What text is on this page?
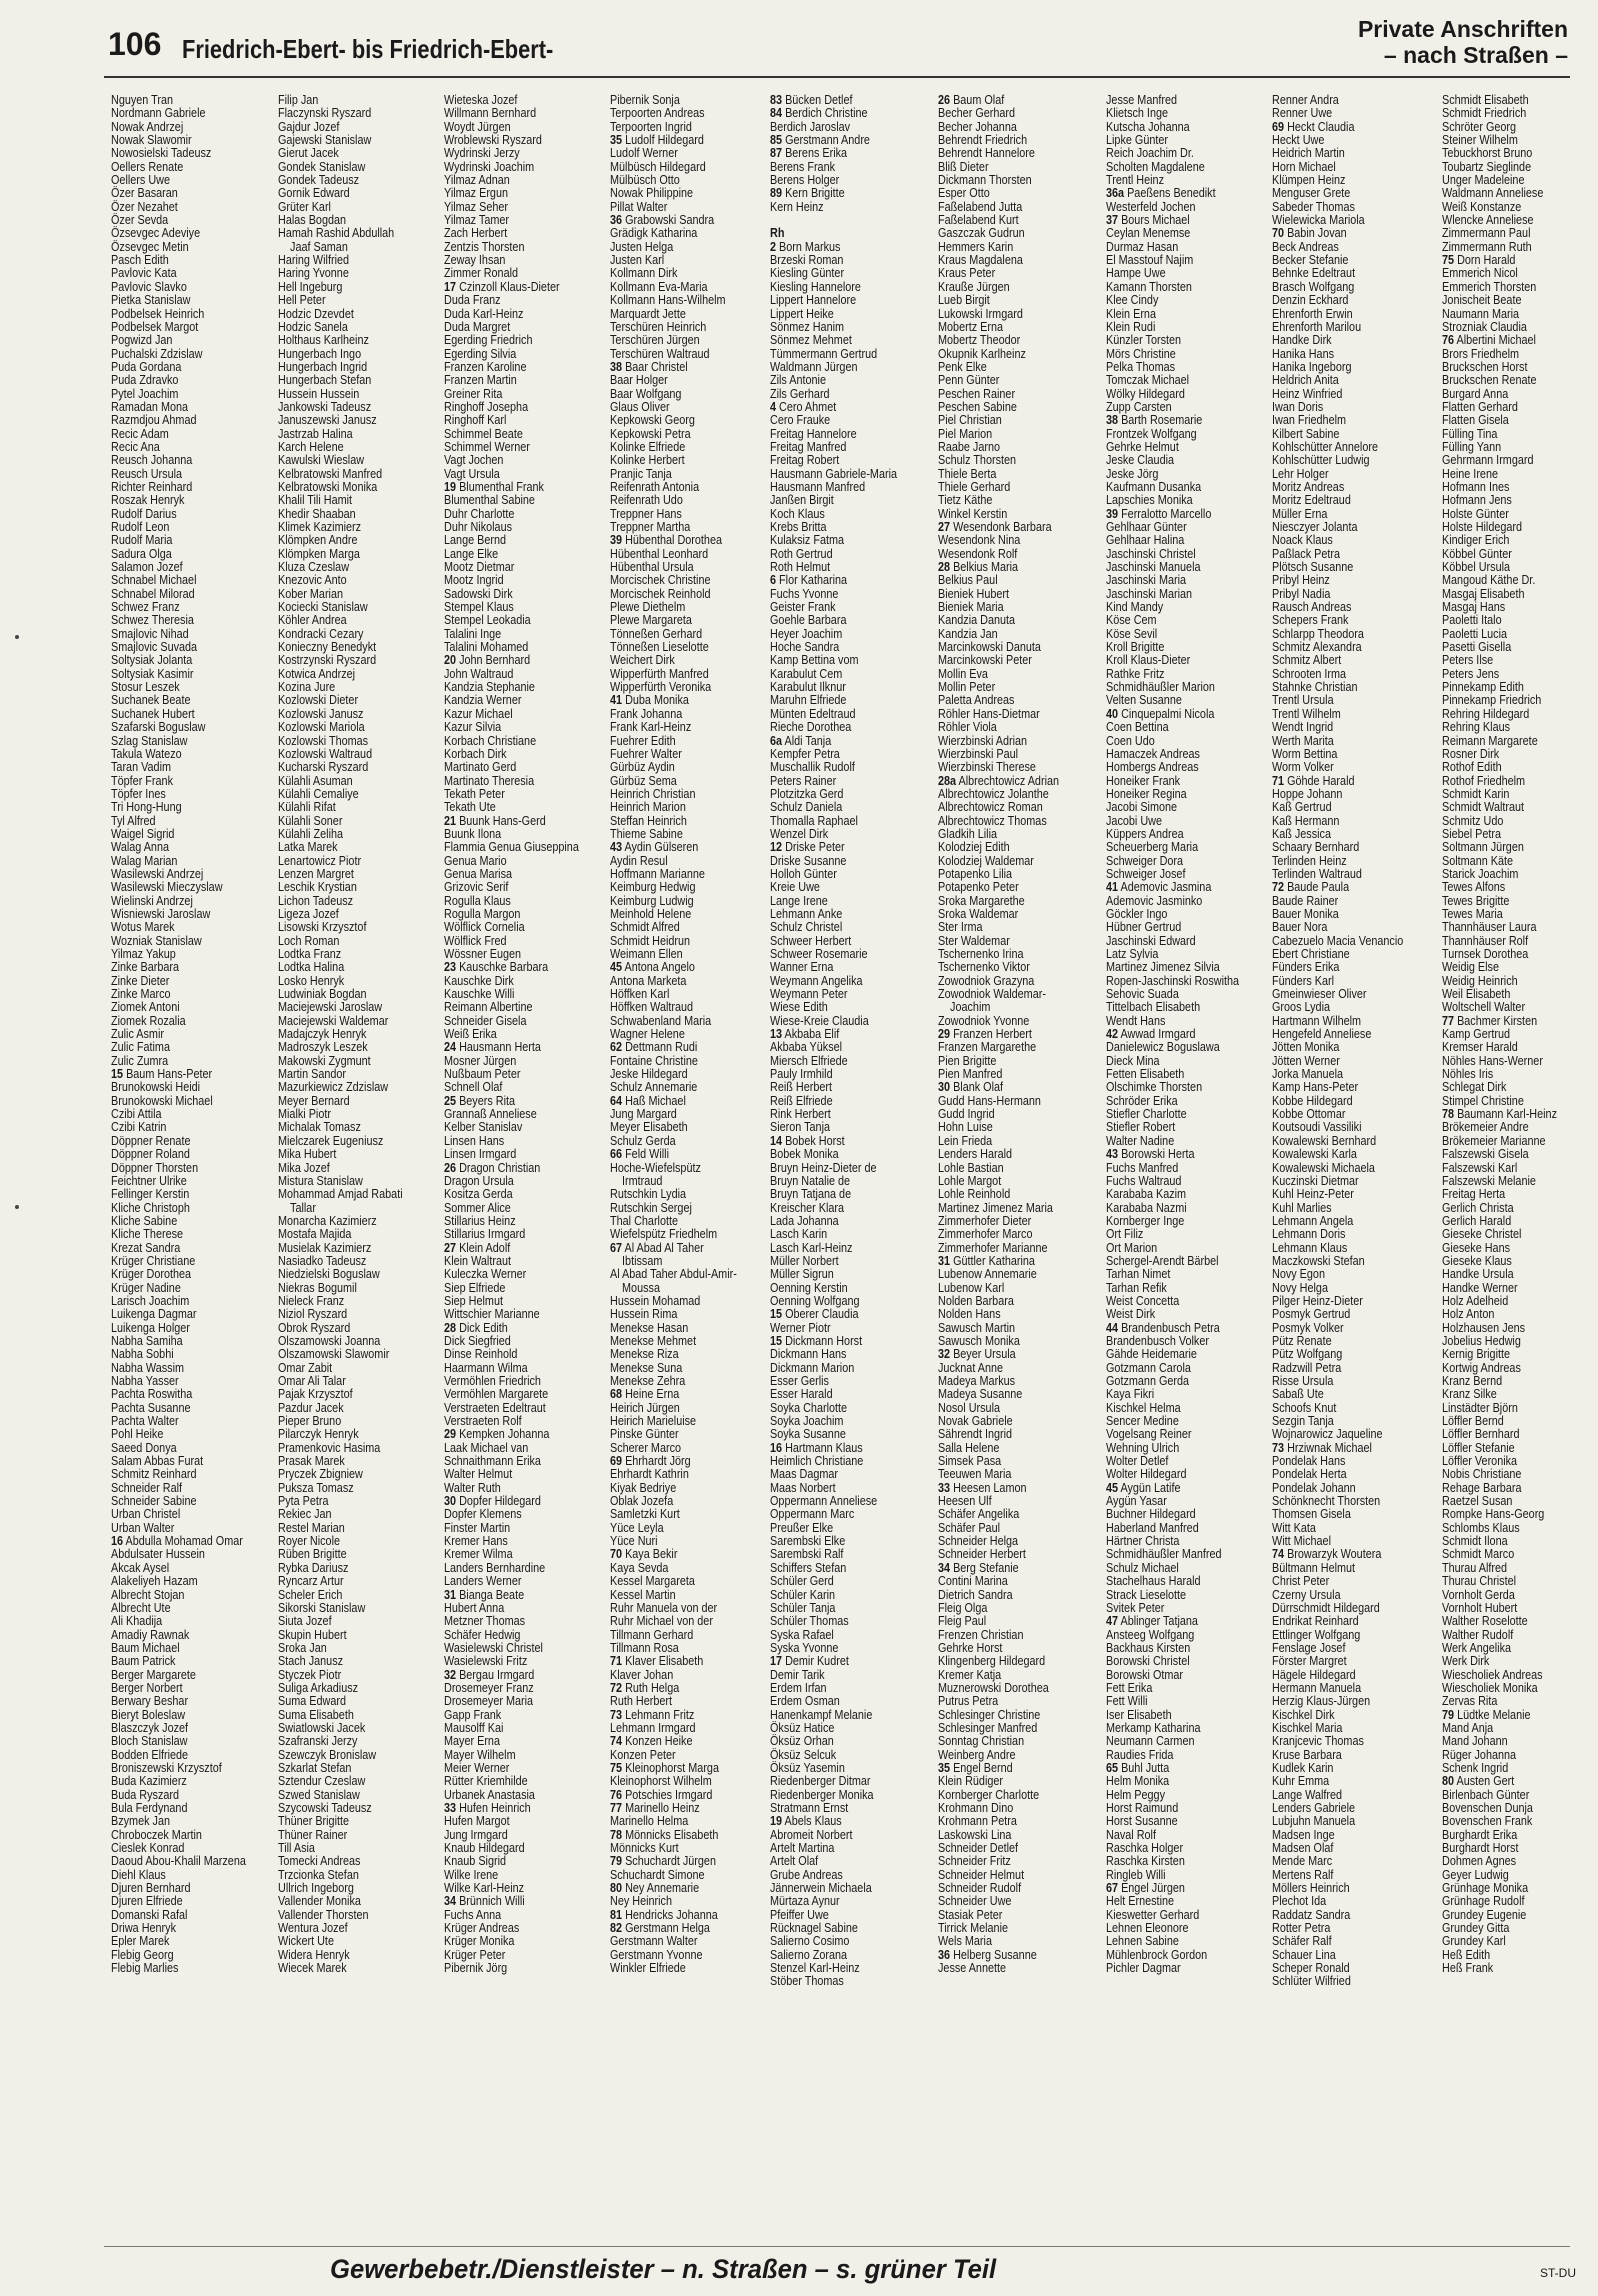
106 Friedrich-Ebert- bis Friedrich-Ebert-
Private Anschriften
– nach Straßen –
Nguyen Tran
Nordmann Gabriele
Nowak Andrzej
Nowak Slawomir
Nowosielski Tadeusz
Oellers Renate
Oellers Uwe
Özer Basaran
Özer Nezahet
Özer Sevda
Özsevgec Adeviye
Özsevgec Metin
Pasch Edith
Pavlovic Kata
Pavlovic Slavko
Pietka Stanislaw
Podbelsek Heinrich
Podbelsek Margot
Pogwizd Jan
Puchalski Zdzislaw
Puda Gordana
Puda Zdravko
Pytel Joachim
Ramadan Mona
Razmdjou Ahmad
Recic Adam
Recic Ana
Reusch Johanna
Reusch Ursula
Richter Reinhard
Roszak Henryk
Rudolf Darius
Rudolf Leon
Rudolf Maria
Sadura Olga
Salamon Jozef
Schnabel Michael
Schnabel Milorad
Schwez Franz
Schwez Theresia
Smajlovic Nihad
Smajlovic Suvada
Soltysiak Jolanta
Soltysiak Kasimir
Stosur Leszek
Suchanek Beate
Suchanek Hubert
Szafarski Boguslaw
Szlag Stanislaw
Takula Watezo
Taran Vadim
Töpfer Frank
Töpfer Ines
Tri Hong-Hung
Tyl Alfred
Waigel Sigrid
Walag Anna
Walag Marian
Wasilewski Andrzej
Wasilewski Mieczyslaw
Wielinski Andrzej
Wisniewski Jaroslaw
Wotus Marek
Wozniak Stanislaw
Yilmaz Yakup
Zinke Barbara
Zinke Dieter
Zinke Marco
Ziomek Antoni
Ziomek Rozalia
Zulic Asmir
Zulic Fatima
Zulic Zumra
15 Baum Hans-Peter
Brunokowski Heidi
Brunokowski Michael
Czibi Attila
Czibi Katrin
Döppner Renate
Döppner Roland
Döppner Thorsten
Feichtner Ulrike
Fellinger Kerstin
Kliche Christoph
Kliche Sabine
Kliche Therese
Krezat Sandra
Krüger Christiane
Krüger Dorothea
Krüger Nadine
Larisch Joachim
Luikenga Dagmar
Luikenga Holger
Nabha Samiha
Nabha Sobhi
Nabha Wassim
Nabha Yasser
Pachta Roswitha
Pachta Susanne
Pachta Walter
Pohl Heike
Saeed Donya
Salam Abbas Furat
Schmitz Reinhard
Schneider Ralf
Schneider Sabine
Urban Christel
Urban Walter
16 Abdulla Mohamad Omar
Abdulsater Hussein
Akcak Aysel
Alakeliyeh Hazam
Albrecht Stojan
Albrecht Ute
Ali Khadija
Amadiy Rawnak
Baum Michael
Baum Patrick
Berger Margarete
Berger Norbert
Berwary Beshar
Bieryt Boleslaw
Blaszczyk Jozef
Bloch Stanislaw
Bodden Elfriede
Broniszewski Krzysztof
Buda Kazimierz
Buda Ryszard
Bula Ferdynand
Bzymek Jan
Chroboczek Martin
Cieslek Konrad
Daoud Abou-Khalil Marzena
Diehl Klaus
Djuren Bernhard
Djuren Elfriede
Domanski Rafal
Driwa Henryk
Epler Marek
Flebig Georg
Flebig Marlies
Filip Jan
Flaczynski Ryszard
Gajdur Jozef
Gajewski Stanislaw
Gierut Jacek
Gondek Stanislaw
Gondek Tadeusz
Gornik Edward
Grüter Karl
Halas Bogdan
Hamah Rashid Abdullah
Jaaf Saman
Haring Wilfried
Haring Yvonne
Hell Ingeburg
Hell Peter
Hodzic Dzevdet
Hodzic Sanela
Holthaus Karlheinz
Hungerbach Ingo
Hungerbach Ingrid
Hungerbach Stefan
Hussein Hussein
Jankowski Tadeusz
Januszewski Janusz
Jastrzab Halina
Karch Helene
Kawulski Wieslaw
Kelbratowski Manfred
Kelbratowski Monika
Khalil Tili Hamit
Khedir Shaaban
Klimek Kazimierz
Klömpken Andre
Klömpken Marga
Kluza Czeslaw
Knezovic Anto
Kober Marian
Kociecki Stanislaw
Köhler Andrea
Kondracki Cezary
Konieczny Benedykt
Kostrzynski Ryszard
Kotwica Andrzej
Kozina Jure
Kozlowski Dieter
Kozlowski Janusz
Kozlowski Mariola
Kozlowski Thomas
Kozlowski Waltraud
Kucharski Ryszard
Külahli Asuman
Külahli Cemaliye
Külahli Rifat
Külahli Soner
Külahli Zeliha
Latka Marek
Lenartowicz Piotr
Lenzen Margret
Leschik Krystian
Lichon Tadeusz
Ligeza Jozef
Lisowski Krzysztof
Loch Roman
Lodtka Franz
Lodtka Halina
Losko Henryk
Ludwiniak Bogdan
Maciejewski Jaroslaw
Maciejewski Waldemar
Madajczyk Henryk
Madroszyk Leszek
Makowski Zygmunt
Martin Sandor
Mazurkiewicz Zdzislaw
Meyer Bernard
Mialki Piotr
Michalak Tomasz
Mielczarek Eugeniusz
Mika Hubert
Mika Jozef
Mistura Stanislaw
Mohammad Amjad Rabati
Tallar
Monarcha Kazimierz
Mostafa Majida
Musielak Kazimierz
Nasiadko Tadeusz
Niedzielski Boguslaw
Niekras Bogumil
Nieleck Franz
Niziol Ryszard
Obrok Ryszard
Olszamowski Joanna
Olszamowski Slawomir
Omar Zabit
Omar Ali Talar
Pajak Krzysztof
Pazdur Jacek
Pieper Bruno
Pilarczyk Henryk
Pramenkovic Hasima
Prasak Marek
Pryczek Zbigniew
Puksza Tomasz
Pyta Petra
Rekiec Jan
Restel Marian
Royer Nicole
Rüben Brigitte
Rybka Dariusz
Ryncarz Artur
Scheler Erich
Sikorski Stanislaw
Siuta Jozef
Skupin Hubert
Sroka Jan
Stach Janusz
Styczek Piotr
Suliga Arkadiusz
Suma Edward
Suma Elisabeth
Swiatlowski Jacek
Szafranski Jerzy
Szewczyk Bronislaw
Szkarlat Stefan
Sztendur Czeslaw
Szwed Stanislaw
Szycowski Tadeusz
Thüner Brigitte
Thüner Rainer
Till Asia
Tomecki Andreas
Trzcionka Stefan
Ullrich Ingeborg
Vallender Monika
Vallender Thorsten
Wentura Jozef
Wickert Ute
Widera Henryk
Wiecek Marek
Wieteska Jozef
Willmann Bernhard
Woydt Jürgen
Wroblewski Ryszard
Wydrinski Jerzy
Wydrinski Joachim
Yilmaz Adnan
Yilmaz Ergun
Yilmaz Seher
Yilmaz Tamer
Zach Herbert
Zentzis Thorsten
Zeway Ihsan
Zimmer Ronald
17 Czinzoll Klaus-Dieter
Duda Franz
Duda Karl-Heinz
Duda Margret
Egerding Friedrich
Egerding Silvia
Franzen Karoline
Franzen Martin
Greiner Rita
Ringhoff Josepha
Ringhoff Karl
Schimmel Beate
Schimmel Werner
Vagt Jochen
Vagt Ursula
19 Blumenthal Frank
Blumenthal Sabine
Duhr Charlotte
Duhr Nikolaus
Lange Bernd
Lange Elke
Mootz Dietmar
Mootz Ingrid
Sadowski Dirk
Stempel Klaus
Stempel Leokadia
Talalini Inge
Talalini Mohamed
20 John Bernhard
John Waltraud
Kandzia Stephanie
Kandzia Werner
Kazur Michael
Kazur Silvia
Korbach Christiane
Korbach Dirk
Martinato Gerd
Martinato Theresia
Tekath Peter
Tekath Ute
21 Buunk Hans-Gerd
Buunk Ilona
Flammia Genua Giuseppina
Genua Mario
Genua Marisa
Grizovic Serif
Rogulla Klaus
Rogulla Margon
Wölflick Cornelia
Wölflick Fred
Wössner Eugen
23 Kauschke Barbara
Kauschke Dirk
Kauschke Willi
Reimann Albertine
Schneider Gisela
Weiß Erika
24 Hausmann Herta
Mosner Jürgen
Nußbaum Peter
Schnell Olaf
25 Beyers Rita
Grannaß Anneliese
Kelber Stanislav
Linsen Hans
Linsen Irmgard
26 Dragon Christian
Dragon Ursula
Kositza Gerda
Sommer Alice
Stillarius Heinz
Stillarius Irmgard
27 Klein Adolf
Klein Waltraut
Kuleczka Werner
Siep Elfriede
Siep Helmut
Wittschier Marianne
28 Dick Edith
Dick Siegfried
Dinse Reinhold
Haarmann Wilma
Vermöhlen Friedrich
Vermöhlen Margarete
Verstraeten Edeltraut
Verstraeten Rolf
29 Kempken Johanna
Laak Michael van
Schnaithmann Erika
Walter Helmut
Walter Ruth
30 Dopfer Hildegard
Dopfer Klemens
Finster Martin
Kremer Hans
Kremer Wilma
Landers Bernhardine
Landers Werner
31 Bianga Beate
Hubert Anna
Metzner Thomas
Schäfer Hedwig
Wasielewski Christel
Wasielewski Fritz
32 Bergau Irmgard
Drosemeyer Franz
Drosemeyer Maria
Gapp Frank
Mausolff Kai
Mayer Erna
Mayer Wilhelm
Meier Werner
Rütter Kriemhilde
Urbanek Anastasia
33 Hufen Heinrich
Hufen Margot
Jung Irmgard
Knaub Hildegard
Knaub Sigrid
Wilke Irene
Wilke Karl-Heinz
34 Brünnich Willi
Fuchs Anna
Krüger Andreas
Krüger Monika
Krüger Peter
Pibernik Jörg
Pibernik Sonja
Terpoorten Andreas
Terpoorten Ingrid
35 Ludolf Hildegard
Ludolf Werner
Mülbüsch Hildegard
Mülbüsch Otto
Nowak Philippine
Pillat Walter
36 Grabowski Sandra
Grädigk Katharina
Justen Helga
Justen Karl
Kollmann Dirk
Kollmann Eva-Maria
Kollmann Hans-Wilhelm
Marquardt Jette
Terschüren Heinrich
Terschüren Jürgen
Terschüren Waltraud
38 Baar Christel
Baar Holger
Baar Wolfgang
Glaus Oliver
Kepkowski Georg
Kepkowski Petra
Kolinke Elfriede
Kolinke Herbert
Pranjic Tanja
Reifenrath Antonia
Reifenrath Udo
Treppner Hans
Treppner Martha
39 Hübenthal Dorothea
Hübenthal Leonhard
Hübenthal Ursula
Morcischek Christine
Morcischek Reinhold
Plewe Diethelm
Plewe Margareta
Tönneßen Gerhard
Tönneßen Lieselotte
Weichert Dirk
Wipperfürth Manfred
Wipperfürth Veronika
41 Duba Monika
Frank Johanna
Frank Karl-Heinz
Fuehrer Edith
Fuehrer Walter
Gürbüz Aydin
Gürbüz Sema
Heinrich Christian
Heinrich Marion
Steffan Heinrich
Thieme Sabine
43 Aydin Gülseren
Aydin Resul
Hoffmann Marianne
Keimburg Hedwig
Keimburg Ludwig
Meinhold Helene
Schmidt Alfred
Schmidt Heidrun
Weimann Ellen
45 Antona Angelo
Antona Marketa
Höffken Karl
Höffken Waltraud
Schwabenland Maria
Wagner Helene
62 Dettmann Rudi
Fontaine Christine
Jeske Hildegard
Schulz Annemarie
64 Haß Michael
Jung Margard
Meyer Elisabeth
Schulz Gerda
66 Feld Willi
Hoche-Wiefelspütz
Irmtraud
Rutschkin Lydia
Rutschkin Sergej
Thal Charlotte
Wiefelspütz Friedhelm
67 Al Abad Al Taher
Ibtissam
Al Abad Taher Abdul-Amir-
Moussa
Hussein Mohamad
Hussein Rima
Menekse Hasan
Menekse Mehmet
Menekse Riza
Menekse Suna
Menekse Zehra
68 Heine Erna
Heirich Jürgen
Heirich Marieluise
Pinske Günter
Scherer Marco
69 Ehrhardt Jörg
Ehrhardt Kathrin
Kiyak Bedriye
Oblak Jozefa
Samletzki Kurt
Yüce Leyla
Yüce Nuri
70 Kaya Bekir
Kaya Sevda
Kessel Margareta
Kessel Martin
Ruhr Manuela von der
Ruhr Michael von der
Tillmann Gerhard
Tillmann Rosa
71 Klaver Elisabeth
Klaver Johan
72 Ruth Helga
Ruth Herbert
73 Lehmann Fritz
Lehmann Irmgard
74 Konzen Heike
Konzen Peter
75 Kleinophorst Marga
Kleinophorst Wilhelm
76 Potschies Irmgard
77 Marinello Heinz
Marinello Helma
78 Mönnicks Elisabeth
Mönnicks Kurt
79 Schuchardt Jürgen
Schuchardt Simone
80 Ney Annemarie
Ney Heinrich
81 Hendricks Johanna
82 Gerstmann Helga
Gerstmann Walter
Gerstmann Yvonne
Winkler Elfriede
83 Bücken Detlef
84 Berdich Christine
Berdich Jaroslav
85 Gerstmann Andre
87 Berens Erika
Berens Frank
Berens Holger
89 Kern Brigitte
Kern Heinz

Rh
2 Born Markus
Brzeski Roman
Kiesling Günter
Kiesling Hannelore
Lippert Hannelore
Lippert Heike
Sönmez Hanim
Sönmez Mehmet
Tümmermann Gertrud
Waldmann Jürgen
Zils Antonie
Zils Gerhard
4 Cero Ahmet
Cero Frauke
Freitag Hannelore
Freitag Manfred
Freitag Robert
Hausmann Gabriele-Maria
Hausmann Manfred
Janßen Birgit
Koch Klaus
Krebs Britta
Kulaksiz Fatma
Roth Gertrud
Roth Helmut
6 Flor Katharina
Fuchs Yvonne
Geister Frank
Goehle Barbara
Heyer Joachim
Hoche Sandra
Kamp Bettina vom
Karabulut Cem
Karabulut Ilknur
Maruhn Elfriede
Münten Edeltraud
Rieche Dorothea
6a Aldi Tanja
Kempfer Petra
Muschallik Rudolf
Peters Rainer
Plotzitzka Gerd
Schulz Daniela
Thomalla Raphael
Wenzel Dirk
12 Driske Peter
Driske Susanne
Holloh Günter
Kreie Uwe
Lange Irene
Lehmann Anke
Schulz Christel
Schweer Herbert
Schweer Rosemarie
Wanner Erna
Weymann Angelika
Weymann Peter
Wiese Edith
Wiese-Kreie Claudia
13 Akbaba Elif
Akbaba Yüksel
Miersch Elfriede
Pauly Irmhild
Reiß Herbert
Reiß Elfriede
Rink Herbert
Sieron Tanja
14 Bobek Horst
Bobek Monika
Bruyn Heinz-Dieter de
Bruyn Natalie de
Bruyn Tatjana de
Kreischer Klara
Lada Johanna
Lasch Karin
Lasch Karl-Heinz
Müller Norbert
Müller Sigrun
Oenning Kerstin
Oenning Wolfgang
15 Oberer Claudia
Werner Piotr
15 Dickmann Horst
Dickmann Hans
Dickmann Marion
Esser Gerlis
Esser Harald
Soyka Charlotte
Soyka Joachim
Soyka Susanne
16 Hartmann Klaus
Heimlich Christiane
Maas Dagmar
Maas Norbert
Oppermann Anneliese
Oppermann Marc
Preußer Elke
Sarembski Elke
Sarembski Ralf
Schiffers Stefan
Schüler Gerd
Schüler Karin
Schüler Tanja
Schüler Thomas
Syska Rafael
Syska Yvonne
17 Demir Kudret
Demir Tarik
Erdem Irfan
Erdem Osman
Hanenkampf Melanie
Öksüz Hatice
Öksüz Orhan
Öksüz Selcuk
Öksüz Yasemin
Riedenberger Ditmar
Riedenberger Monika
Stratmann Ernst
19 Abels Klaus
Abromeit Norbert
Artelt Martina
Artelt Olaf
Grube Andreas
Jännerwein Michaela
Mürtaza Aynur
Pfeiffer Uwe
Rücknagel Sabine
Salierno Cosimo
Salierno Zorana
Stenzel Karl-Heinz
Stöber Thomas
26 Baum Olaf
Becher Gerhard
Becher Johanna
Behrendt Friedrich
Behrendt Hannelore
Bliß Dieter
Dickmann Thorsten
Esper Otto
Faßelabend Jutta
Faßelabend Kurt
Gaszczak Gudrun
Hemmers Karin
Kraus Magdalena
Kraus Peter
Krauße Jürgen
Lueb Birgit
Lukowski Irmgard
Mobertz Erna
Mobertz Theodor
Okupnik Karlheinz
Penk Elke
Penn Günter
Peschen Rainer
Peschen Sabine
Piel Christian
Piel Marion
Raabe Jarno
Schulz Thorsten
Thiele Berta
Thiele Gerhard
Tietz Käthe
Winkel Kerstin
27 Wesendonk Barbara
Wesendonk Nina
Wesendonk Rolf
28 Belkius Maria
Belkius Paul
Bieniek Hubert
Bieniek Maria
Kandzia Danuta
Kandzia Jan
Marcinkowski Danuta
Marcinkowski Peter
Mollin Eva
Mollin Peter
Paletta Andreas
Röhler Hans-Dietmar
Röhler Viola
Wierzbinski Adrian
Wierzbinski Paul
Wierzbinski Therese
28a Albrechtowicz Adrian
Albrechtowicz Jolanthe
Albrechtowicz Roman
Albrechtowicz Thomas
Gladkih Lilia
Kolodziej Edith
Kolodziej Waldemar
Potapenko Lilia
Potapenko Peter
Sroka Margarethe
Sroka Waldemar
Ster Irma
Ster Waldemar
Tschernenko Irina
Tschernenko Viktor
Zowodniok Grazyna
Zowodniok Waldemar-
Joachim
Zowodniok Yvonne
29 Franzen Herbert
Franzen Margarethe
Pien Brigitte
Pien Manfred
30 Blank Olaf
Gudd Hans-Hermann
Gudd Ingrid
Hohn Luise
Lein Frieda
Lenders Harald
Lohle Bastian
Lohle Margot
Lohle Reinhold
Martinez Jimenez Maria
Zimmerhofer Dieter
Zimmerhofer Marco
Zimmerhofer Marianne
31 Güttler Katharina
Lubenow Annemarie
Lubenow Karl
Nolden Barbara
Nolden Hans
Sawusch Martin
Sawusch Monika
32 Beyer Ursula
Jucknat Anne
Madeya Markus
Madeya Susanne
Nosol Ursula
Novak Gabriele
Sährendt Ingrid
Salla Helene
Simsek Pasa
Teeuwen Maria
33 Heesen Lamon
Heesen Ulf
Schäfer Angelika
Schäfer Paul
Schneider Helga
Schneider Herbert
34 Berg Stefanie
Contini Marina
Dietrich Sandra
Fleig Olga
Fleig Paul
Frenzen Christian
Gehrke Horst
Klingenberg Hildegard
Kremer Katja
Muznerowski Dorothea
Putrus Petra
Schlesinger Christine
Schlesinger Manfred
Sonntag Christian
Weinberg Andre
35 Engel Bernd
Klein Rüdiger
Kornberger Charlotte
Krohmann Dino
Krohmann Petra
Laskowski Lina
Schneider Detlef
Schneider Fritz
Schneider Helmut
Schneider Rudolf
Schneider Uwe
Stasiak Peter
Tirrick Melanie
Wels Maria
36 Helberg Susanne
Jesse Annette
Jesse Manfred
Klietsch Inge
Kutscha Johanna
Lipke Günter
Reich Joachim Dr.
Scholten Magdalene
Trentl Heinz
36a Paeßens Benedikt
Westerfeld Jochen
37 Bours Michael
Ceylan Menemse
Durmaz Hasan
El Masstouf Najim
Hampe Uwe
Kamann Thorsten
Klee Cindy
Klein Erna
Klein Rudi
Künzler Torsten
Mörs Christine
Pelka Thomas
Tomczak Michael
Wölky Hildegard
Zupp Carsten
38 Barth Rosemarie
Frontzek Wolfgang
Gehrke Helmut
Jeske Claudia
Jeske Jörg
Kaufmann Dusanka
Lapschies Monika
39 Ferralotto Marcello
Gehlhaar Günter
Gehlhaar Halina
Jaschinski Christel
Jaschinski Manuela
Jaschinski Maria
Jaschinski Marian
Kind Mandy
Köse Cem
Köse Sevil
Kroll Brigitte
Kroll Klaus-Dieter
Rathke Fritz
Schmidhäußler Marion
Velten Susanne
40 Cinquepalmi Nicola
Coen Bettina
Coen Udo
Hamaczek Andreas
Hombergs Andreas
Honeiker Frank
Honeiker Regina
Jacobi Simone
Jacobi Uwe
Küppers Andrea
Scheuerberg Maria
Schweiger Dora
Schweiger Josef
41 Ademovic Jasmina
Ademovic Jasminko
Göckler Ingo
Hübner Gertrud
Jaschinski Edward
Latz Sylvia
Martinez Jimenez Silvia
Ropen-Jaschinski Roswitha
Sehovic Suada
Tittelbach Elisabeth
Wendt Hans
42 Awwad Irmgard
Danielewicz Boguslawa
Dieck Mina
Fetten Elisabeth
Olschimke Thorsten
Schröder Erika
Stiefler Charlotte
Stiefler Robert
Walter Nadine
43 Borowski Herta
Fuchs Manfred
Fuchs Waltraud
Karababa Kazim
Karababa Nazmi
Kornberger Inge
Ort Filiz
Ort Marion
Schergel-Arendt Bärbel
Tarhan Nimet
Tarhan Refik
Weist Concetta
Weist Dirk
44 Brandenbusch Petra
Brandenbusch Volker
Gähde Heidemarie
Gotzmann Carola
Gotzmann Gerda
Kaya Fikri
Kischkel Helma
Sencer Medine
Vogelsang Reiner
Wehning Ulrich
Wolter Detlef
Wolter Hildegard
45 Aygün Latife
Aygün Yasar
Buchner Hildegard
Haberland Manfred
Härtner Christa
Schmidhäußler Manfred
Schulz Michael
Stachelhaus Harald
Strack Lieselotte
Svitek Peter
47 Ablinger Tatjana
Ansteeg Wolfgang
Backhaus Kirsten
Borowski Christel
Borowski Otmar
Fett Erika
Fett Willi
Iser Elisabeth
Merkamp Katharina
Neumann Carmen
Raudies Frida
65 Buhl Jutta
Helm Monika
Helm Peggy
Horst Raimund
Horst Susanne
Naval Rolf
Raschka Holger
Raschka Kirsten
Ringleb Willi
67 Engel Jürgen
Helt Ernestine
Kieswetter Gerhard
Lehnen Eleonore
Lehnen Sabine
Mühlenbrock Gordon
Pichler Dagmar
Renner Andra
Renner Uwe
69 Heckt Claudia
Heckt Uwe
Heidrich Martin
Horn Michael
Klümpen Heinz
Menguser Grete
Sabeder Thomas
Wielewicka Mariola
70 Babin Jovan
Beck Andreas
Becker Stefanie
Behnke Edeltraut
Brasch Wolfgang
Denzin Eckhard
Ehrenforth Erwin
Ehrenforth Marilou
Handke Dirk
Hanika Hans
Hanika Ingeborg
Heldrich Anita
Heinz Winfried
Iwan Doris
Iwan Friedhelm
Kilbert Sabine
Kohlschütter Annelore
Kohlschütter Ludwig
Lehr Holger
Moritz Andreas
Moritz Edeltraud
Müller Erna
Niesczyer Jolanta
Noack Klaus
Paßlack Petra
Plötsch Susanne
Pribyl Heinz
Pribyl Nadia
Rausch Andreas
Schepers Frank
Schlarpp Theodora
Schmitz Alexandra
Schmitz Albert
Schrooten Irma
Stahnke Christian
Trentl Ursula
Trentl Wilhelm
Wendt Ingrid
Werth Marita
Worm Bettina
Worm Volker
71 Göhde Harald
Hoppe Johann
Kaß Gertrud
Kaß Hermann
Kaß Jessica
Schaary Bernhard
Terlinden Heinz
Terlinden Waltraud
72 Baude Paula
Baude Rainer
Bauer Monika
Bauer Nora
Cabezuelo Macia Venancio
Ebert Christiane
Fünders Erika
Fünders Karl
Gmeinwieser Oliver
Groos Lydia
Hartmann Wilhelm
Hengefeld Anneliese
Jötten Monika
Jötten Werner
Jorka Manuela
Kamp Hans-Peter
Kobbe Hildegard
Kobbe Ottomar
Koutsoudi Vassiliki
Kowalewski Bernhard
Kowalewski Karla
Kowalewski Michaela
Kuczinski Dietmar
Kuhl Heinz-Peter
Kuhl Marlies
Lehmann Angela
Lehmann Doris
Lehmann Klaus
Maczkowski Stefan
Novy Egon
Novy Helga
Pilger Heinz-Dieter
Posmyk Gertrud
Posmyk Volker
Pütz Renate
Pütz Wolfgang
Radzwill Petra
Risse Ursula
Sabaß Ute
Schoofs Knut
Sezgin Tanja
Wojnarowicz Jaqueline
73 Hrziwnak Michael
Pondelak Hans
Pondelak Herta
Pondelak Johann
Schönknecht Thorsten
Thomsen Gisela
Witt Kata
Witt Michael
74 Browarzyk Woutera
Bültmann Helmut
Christ Peter
Czerny Ursula
Dürrschmidt Hildegard
Endrikat Reinhard
Ettlinger Wolfgang
Fenslage Josef
Förster Margret
Hägele Hildegard
Hermann Manuela
Herzig Klaus-Jürgen
Kischkel Dirk
Kischkel Maria
Kranjcevic Thomas
Kruse Barbara
Kudlek Karin
Kuhr Emma
Lange Walfred
Lenders Gabriele
Lubjuhn Manuela
Madsen Inge
Madsen Olaf
Mende Marc
Mertens Ralf
Möllers Heinrich
Plechot Ida
Raddatz Sandra
Rotter Petra
Schäfer Ralf
Schauer Lina
Scheper Ronald
Schlüter Wilfried
Schmidt Elisabeth
Schmidt Friedrich
Schröter Georg
Steiner Wilhelm
Tebuckhorst Bruno
Toubartz Sieglinde
Unger Madeleine
Waldmann Anneliese
Weiß Konstanze
Wlencke Anneliese
Zimmermann Paul
Zimmermann Ruth
75 Dorn Harald
Emmerich Nicol
Emmerich Thorsten
Jonischeit Beate
Naumann Maria
Strozniak Claudia
76 Albertini Michael
Brors Friedhelm
Bruckschen Horst
Bruckschen Renate
Burgard Anna
Flatten Gerhard
Flatten Gisela
Fülling Tina
Fülling Yann
Gehrmann Irmgard
Heine Irene
Hofmann Ines
Hofmann Jens
Holste Günter
Holste Hildegard
Kindiger Erich
Köbbel Günter
Köbbel Ursula
Mangoud Käthe Dr.
Masgaj Elisabeth
Masgaj Hans
Paoletti Italo
Paoletti Lucia
Pasetti Gisella
Peters Ilse
Peters Jens
Pinnekamp Edith
Pinnekamp Friedrich
Rehring Hildegard
Rehring Klaus
Reimann Margarete
Rosner Dirk
Rothof Edith
Rothof Friedhelm
Schmidt Karin
Schmidt Waltraut
Schmitz Udo
Siebel Petra
Soltmann Jürgen
Soltmann Käte
Starick Joachim
Tewes Alfons
Tewes Brigitte
Tewes Maria
Thannhäuser Laura
Thannhäuser Rolf
Turnsek Dorothea
Weidig Else
Weidig Heinrich
Weil Elisabeth
Woltschell Walter
77 Bachmer Kirsten
Kamp Gertrud
Kremser Harald
Nöhles Hans-Werner
Nöhles Iris
Schlegat Dirk
Stimpel Christine
78 Baumann Karl-Heinz
Brökemeier Andre
Brökemeier Marianne
Falszewski Gisela
Falszewski Karl
Falszewski Melanie
Freitag Herta
Gerlich Christa
Gerlich Harald
Gieseke Christel
Gieseke Hans
Gieseke Klaus
Handke Ursula
Handke Werner
Holz Adelheid
Holz Anton
Holzhausen Jens
Jobelius Hedwig
Kernig Brigitte
Kortwig Andreas
Kranz Bernd
Kranz Silke
Linstädter Björn
Löffler Bernd
Löffler Bernhard
Löffler Stefanie
Löffler Veronika
Nobis Christiane
Rehage Barbara
Raetzel Susan
Rompke Hans-Georg
Schlombs Klaus
Schmidt Ilona
Schmidt Marco
Thurau Alfred
Thurau Christel
Vornholt Gerda
Vornholt Hubert
Walther Roselotte
Walther Rudolf
Werk Angelika
Werk Dirk
Wiescholiek Andreas
Wiescholiek Monika
Zervas Rita
79 Lüdtke Melanie
Mand Anja
Mand Johann
Rüger Johanna
Schenk Ingrid
80 Austen Gert
Birlenbach Günter
Bovenschen Dunja
Bovenschen Frank
Burghardt Erika
Burghardt Horst
Dohmen Agnes
Geyer Ludwig
Grünhage Monika
Grünhage Rudolf
Grundey Eugenie
Grundey Gitta
Grundey Karl
Heß Edith
Heß Frank
Gewerbebetr./Dienstleister – n. Straßen – s. grüner Teil	ST-DU
